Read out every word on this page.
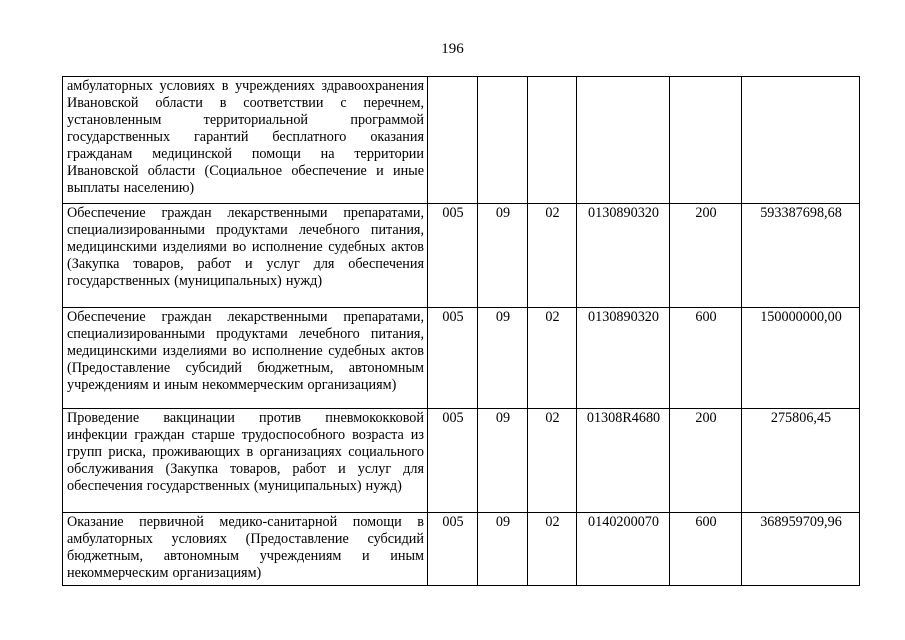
196
амбулаторных условиях в учреждениях здравоохранения Ивановской области в соответствии с перечнем, установленным территориальной программой государственных гарантий бесплатного оказания гражданам медицинской помощи на территории Ивановской области (Социальное обеспечение и иные выплаты населению)						
Обеспечение граждан лекарственными препаратами, специализированными продуктами лечебного питания, медицинскими изделиями во исполнение судебных актов (Закупка товаров, работ и услуг для обеспечения государственных (муниципальных) нужд)	005	09	02	0130890320	200	593387698,68
Обеспечение граждан лекарственными препаратами, специализированными продуктами лечебного питания, медицинскими изделиями во исполнение судебных актов (Предоставление субсидий бюджетным, автономным учреждениям и иным некоммерческим организациям)	005	09	02	0130890320	600	150000000,00
Проведение вакцинации против пневмококковой инфекции граждан старше трудоспособного возраста из групп риска, проживающих в организациях социального обслуживания (Закупка товаров, работ и услуг для обеспечения государственных (муниципальных) нужд)	005	09	02	01308R4680	200	275806,45
Оказание первичной медико-санитарной помощи в амбулаторных условиях (Предоставление субсидий бюджетным, автономным учреждениям и иным некоммерческим организациям)	005	09	02	0140200070	600	368959709,96
